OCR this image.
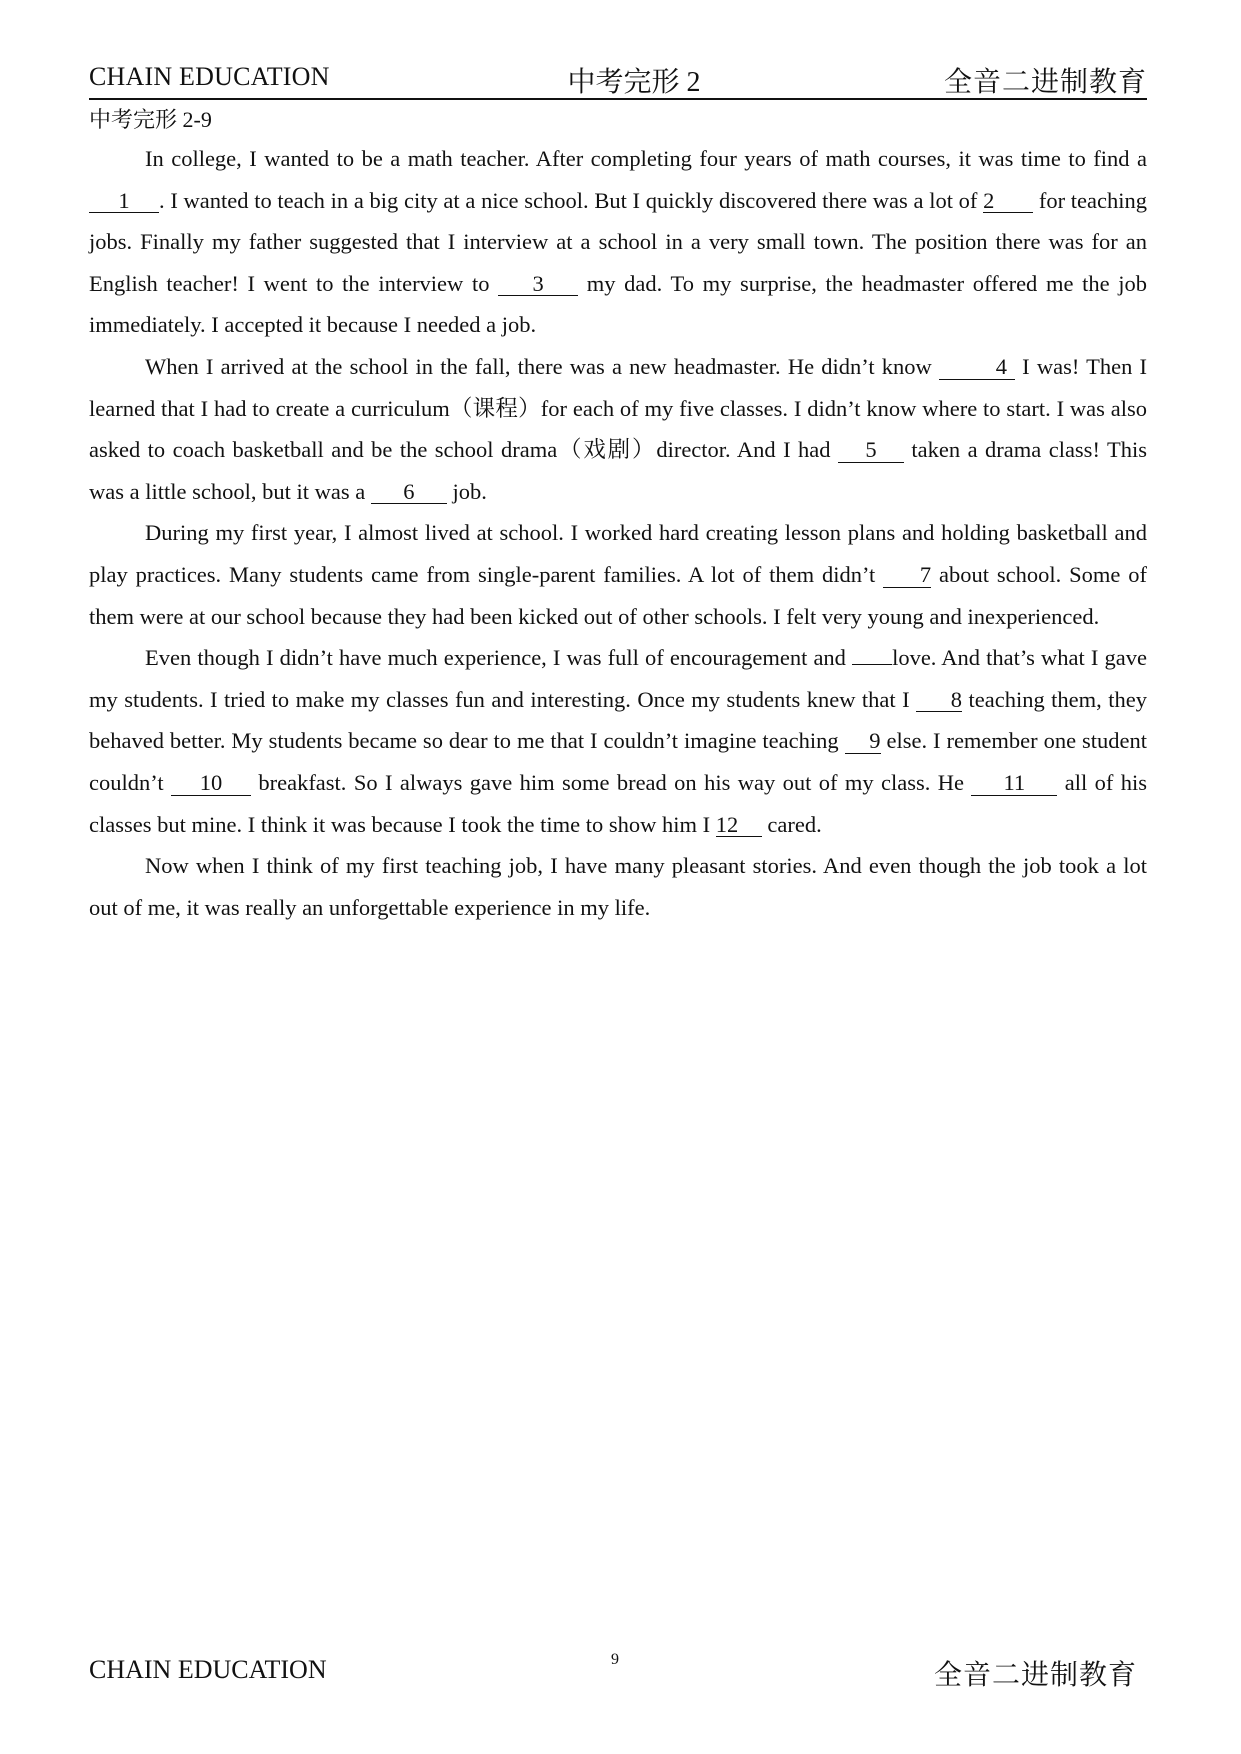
CHAIN EDUCATION	中考完形 2	全音二进制教育
中考完形 2-9

In college, I wanted to be a math teacher. After completing four years of math courses, it was time to find a 1 . I wanted to teach in a big city at a nice school. But I quickly discovered there was a lot of 2 for teaching jobs. Finally my father suggested that I interview at a school in a very small town. The position there was for an English teacher! I went to the interview to 3 my dad. To my surprise, the headmaster offered me the job immediately. I accepted it because I needed a job.

When I arrived at the school in the fall, there was a new headmaster. He didn’t know	4 I was! Then I learned that I had to create a curriculum（课程）for each of my five classes. I didn’t know where to start. I was also asked to coach basketball and be the school drama（戏剧）director. And I had 5 taken a drama class! This was a little school, but it was a 6 job.

During my first year, I almost lived at school. I worked hard creating lesson plans and holding basketball and play practices. Many students came from single-parent families. A lot of them didn’t 7 about school. Some of them were at our school because they had been kicked out of other schools. I felt very young and inexperienced.

Even though I didn’t have much experience, I was full of encouragement and love. And that’s what I gave my students. I tried to make my classes fun and interesting. Once my students knew that I 8 teaching them, they behaved better. My students became so dear to me that I couldn’t imagine teaching 9 else. I remember one student couldn’t 10 breakfast. So I always gave him some bread on his way out of my class. He 11 all of his classes but mine. I think it was because I took the time to show him I 12 cared.

Now when I think of my first teaching job, I have many pleasant stories. And even though the job took a lot out of me, it was really an unforgettable experience in my life.

CHAIN EDUCATION	9
全音二进制教育
